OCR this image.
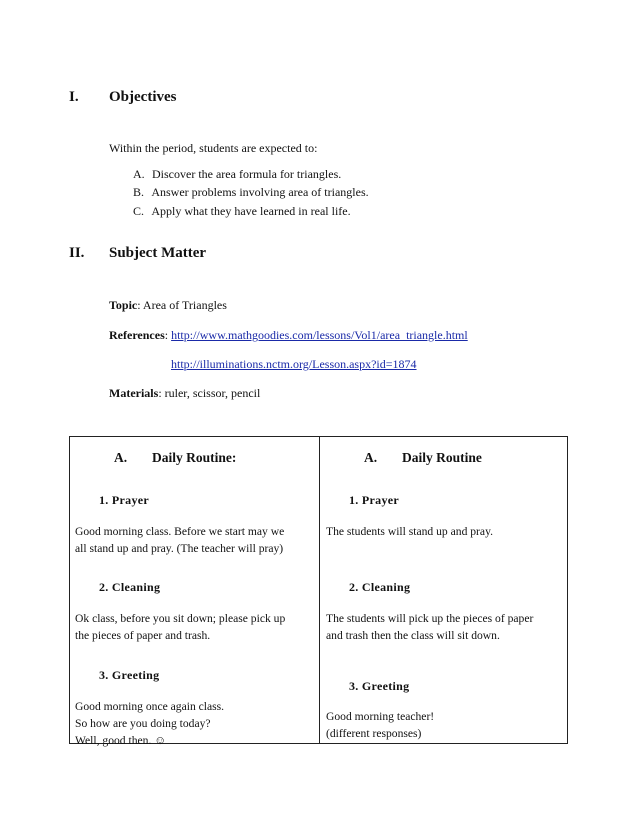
I. Objectives
Within the period, students are expected to:
A. Discover the area formula for triangles.
B. Answer problems involving area of triangles.
C. Apply what they have learned in real life.
II. Subject Matter
Topic: Area of Triangles
References: http://www.mathgoodies.com/lessons/Vol1/area_triangle.html
http://illuminations.nctm.org/Lesson.aspx?id=1874
Materials: ruler, scissor, pencil
A. Daily Routine:
1. Prayer
Good morning class. Before we start may we
all stand up and pray. (The teacher will pray)
2. Cleaning
Ok class, before you sit down; please pick up
the pieces of paper and trash.
3. Greeting
Good morning once again class.
So how are you doing today?
Well, good then. ☺
A. Daily Routine
1. Prayer
The students will stand up and pray.
2. Cleaning
The students will pick up the pieces of paper
and trash then the class will sit down.
3. Greeting
Good morning teacher!
(different responses)
